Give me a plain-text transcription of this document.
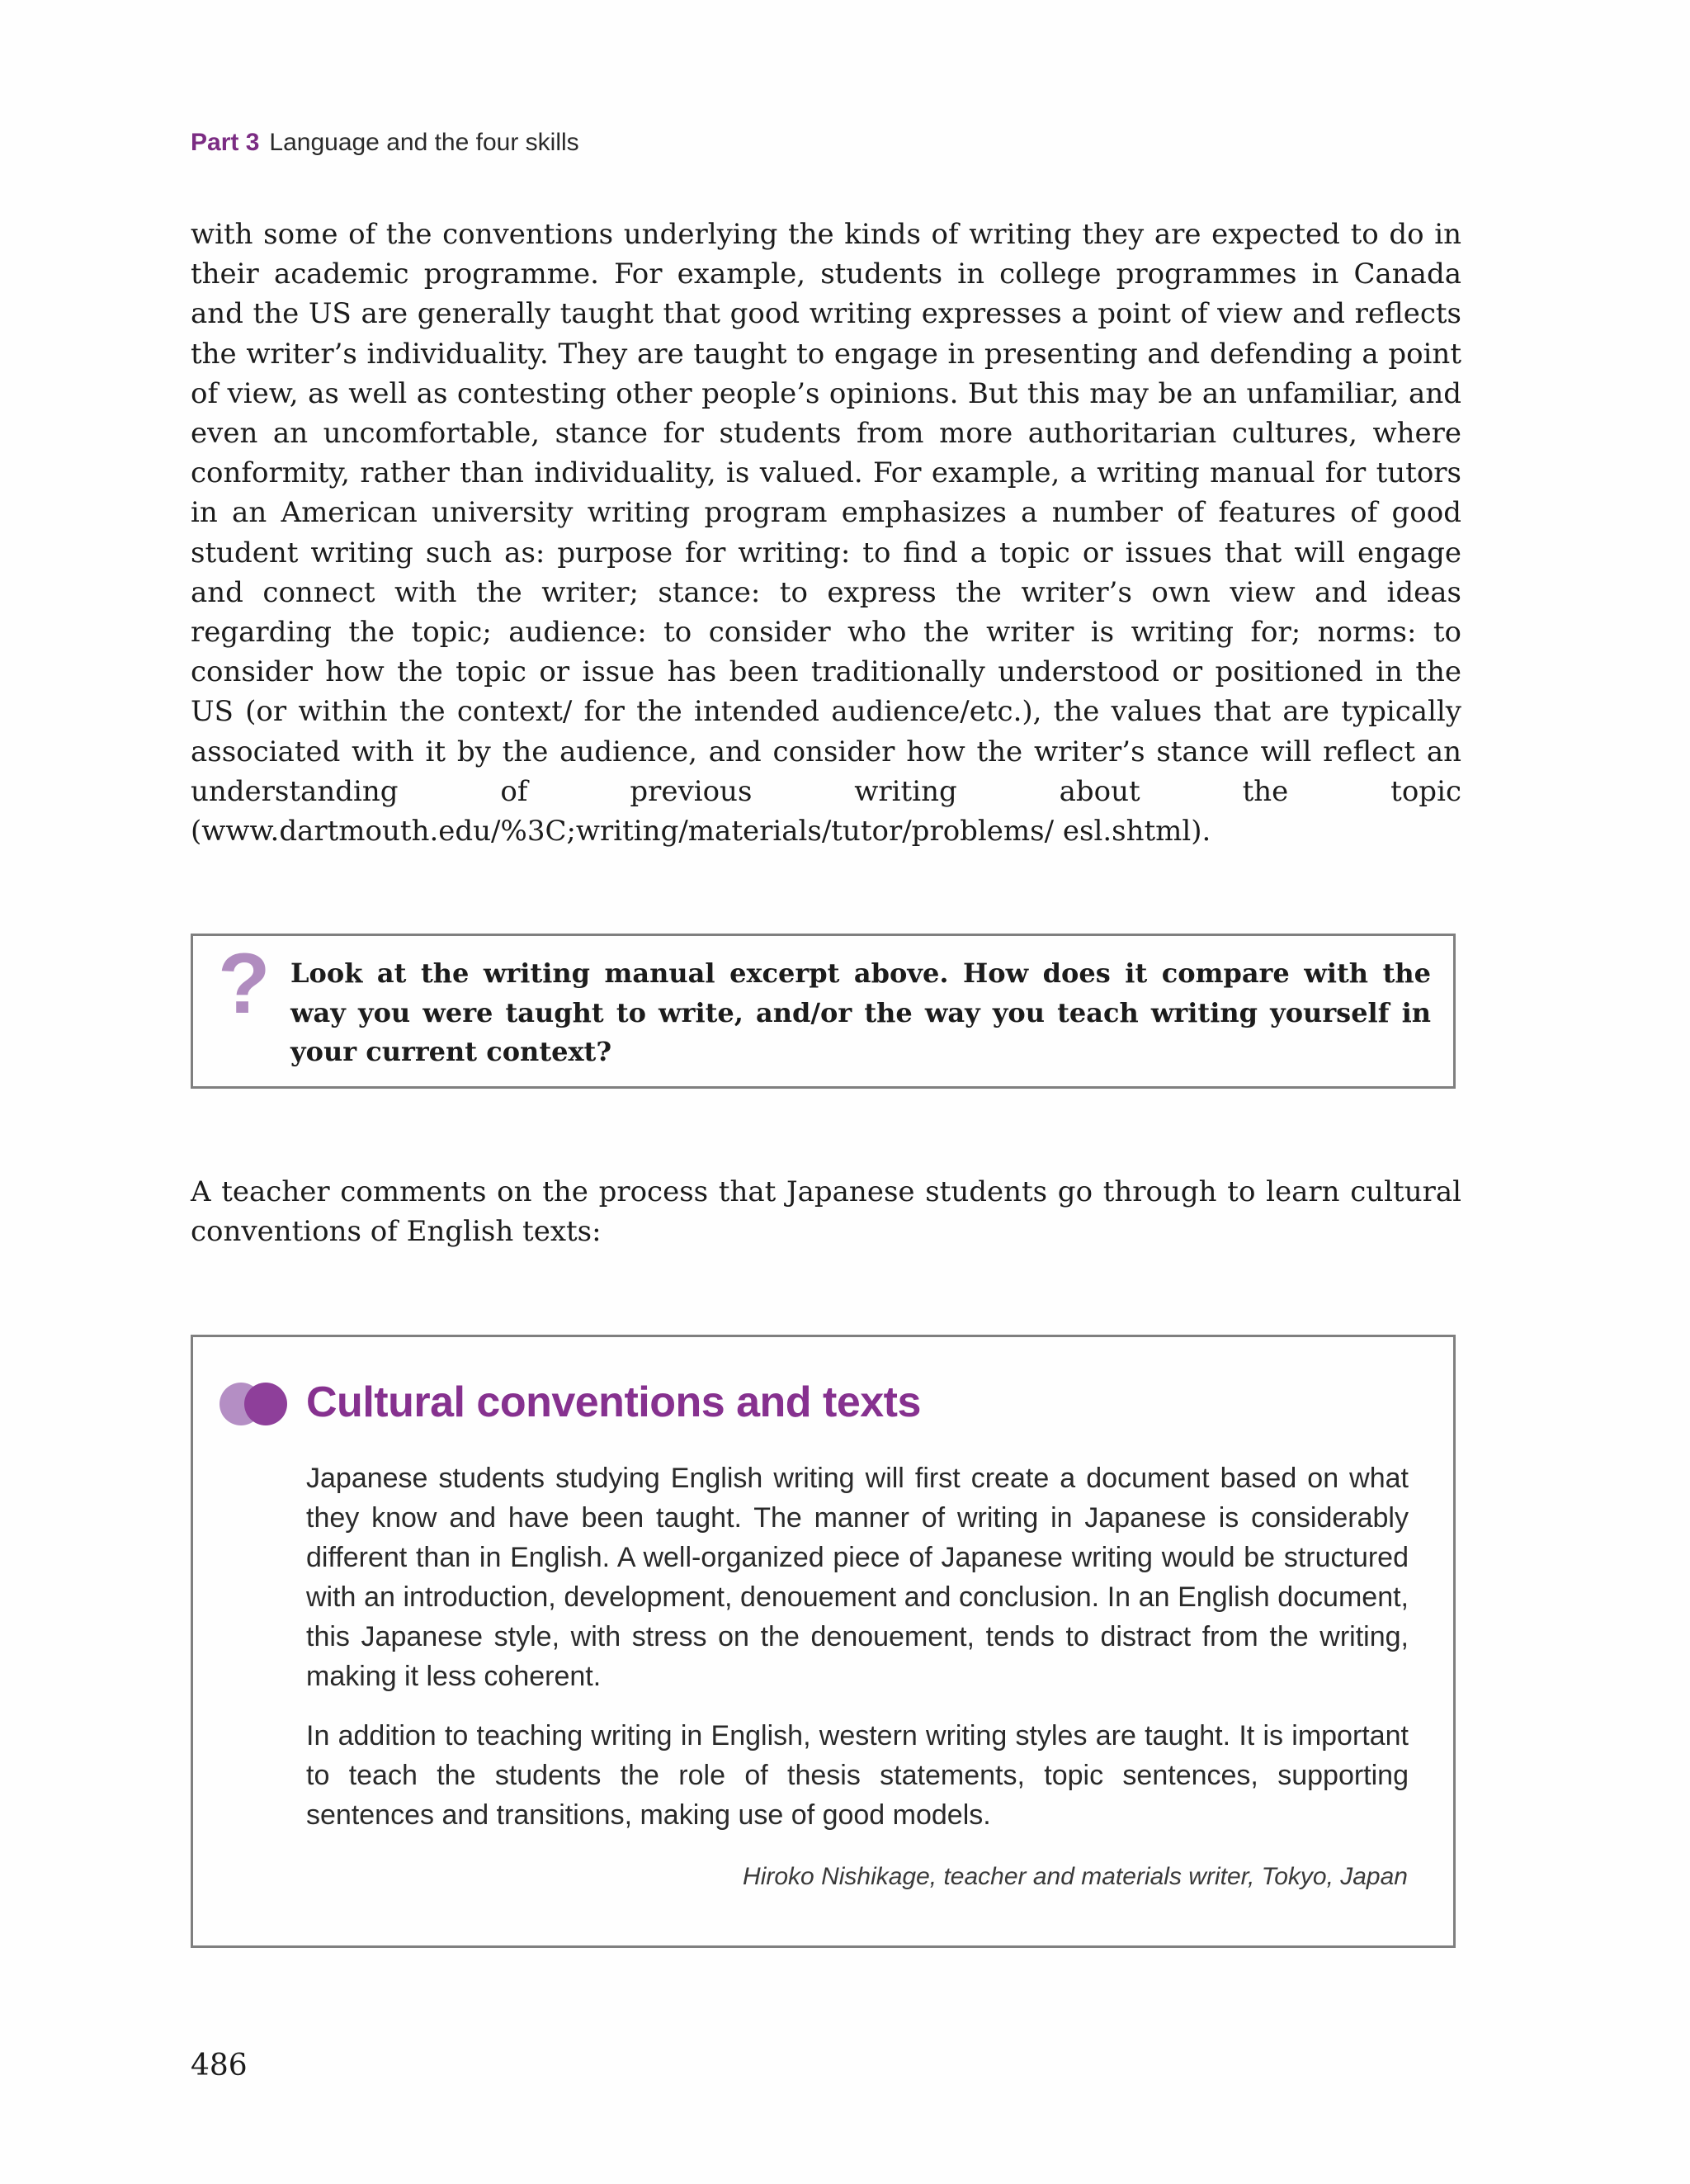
Part 3 Language and the four skills

with some of the conventions underlying the kinds of writing they are expected to do in their academic programme. For example, students in college programmes in Canada and the US are generally taught that good writing expresses a point of view and reflects the writer’s individuality. They are taught to engage in presenting and defending a point of view, as well as contesting other people’s opinions. But this may be an unfamiliar, and even an uncomfortable, stance for students from more authoritarian cultures, where conformity, rather than individuality, is valued. For example, a writing manual for tutors in an American university writing program emphasizes a number of features of good student writing such as: purpose for writing: to find a topic or issues that will engage and connect with the writer; stance: to express the writer’s own view and ideas regarding the topic; audience: to consider who the writer is writing for; norms: to consider how the topic or issue has been traditionally understood or positioned in the US (or within the context/ for the intended audience/etc.), the values that are typically associated with it by the audience, and consider how the writer’s stance will reflect an understanding of previous writing about the topic (www.dartmouth.edu/%3C;writing/materials/tutor/problems/ esl.shtml).

? Look at the writing manual excerpt above. How does it compare with the way you were taught to write, and/or the way you teach writing yourself in your current context?

A teacher comments on the process that Japanese students go through to learn cultural conventions of English texts:

Cultural conventions and texts

Japanese students studying English writing will first create a document based on what they know and have been taught. The manner of writing in Japanese is considerably different than in English. A well-organized piece of Japanese writing would be structured with an introduction, development, denouement and conclusion. In an English document, this Japanese style, with stress on the denouement, tends to distract from the writing, making it less coherent.

In addition to teaching writing in English, western writing styles are taught. It is important to teach the students the role of thesis statements, topic sentences, supporting sentences and transitions, making use of good models.

Hiroko Nishikage, teacher and materials writer, Tokyo, Japan
486
